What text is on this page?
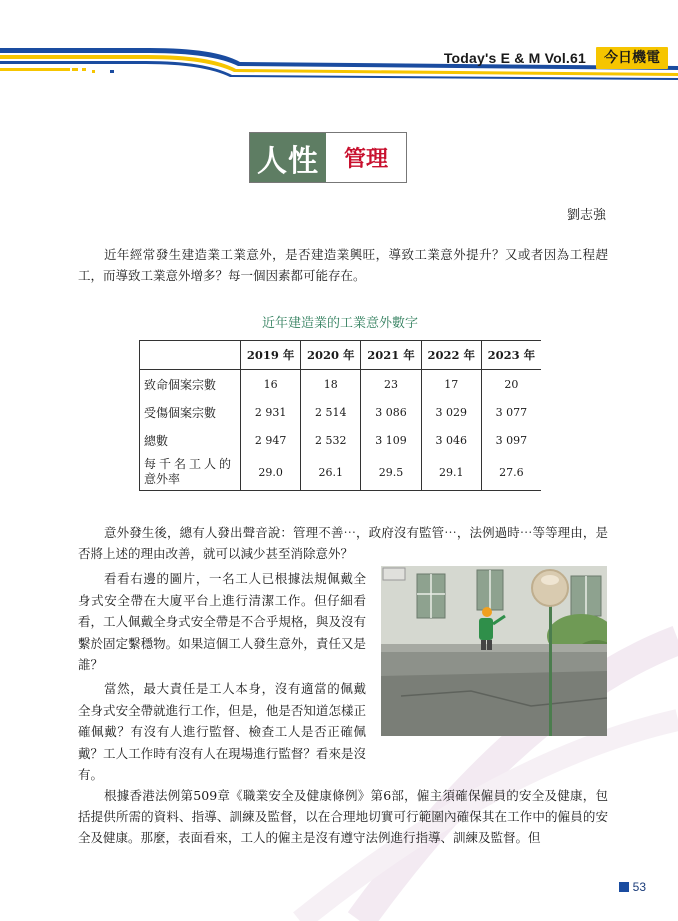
Today's E & M Vol.61	今日機電
人性	管理
劉志強
近年經常發生建造業工業意外，是否建造業興旺，導致工業意外提升？又或者因為工程趕工，而導致工業意外增多？每一個因素都可能存在。
近年建造業的工業意外數字
	2019 年	2020 年	2021 年	2022 年	2023 年
致命個案宗數	16	18	23	17	20
受傷個案宗數	2 931	2 514	3 086	3 029	3 077
總數	2 947	2 532	3 109	3 046	3 097

每千名工人的
意外率	29.0	26.1	29.5	29.1	27.6
意外發生後，總有人發出聲音說：管理不善⋯，政府沒有監管⋯，法例過時⋯等等理由，是否將上述的理由改善，就可以減少甚至消除意外？
看看右邊的圖片，一名工人已根據法規佩戴全身式安全帶在大廈平台上進行清潔工作。但仔細看看，工人佩戴全身式安全帶是不合乎規格，與及沒有繫於固定繫穩物。如果這個工人發生意外，責任又是誰？
當然，最大責任是工人本身，沒有適當的佩戴全身式安全帶就進行工作，但是，他是否知道怎樣正確佩戴？有沒有人進行監督、檢查工人是否正確佩戴？工人工作時有沒有人在現場進行監督？看來是沒有。
根據香港法例第509章《職業安全及健康條例》第6部，僱主須確保僱員的安全及健康，包括提供所需的資料、指導、訓練及監督，以在合理地切實可行範圍內確保其在工作中的僱員的安全及健康。那麼，表面看來，工人的僱主是沒有遵守法例進行指導、訓練及監督。但
53
